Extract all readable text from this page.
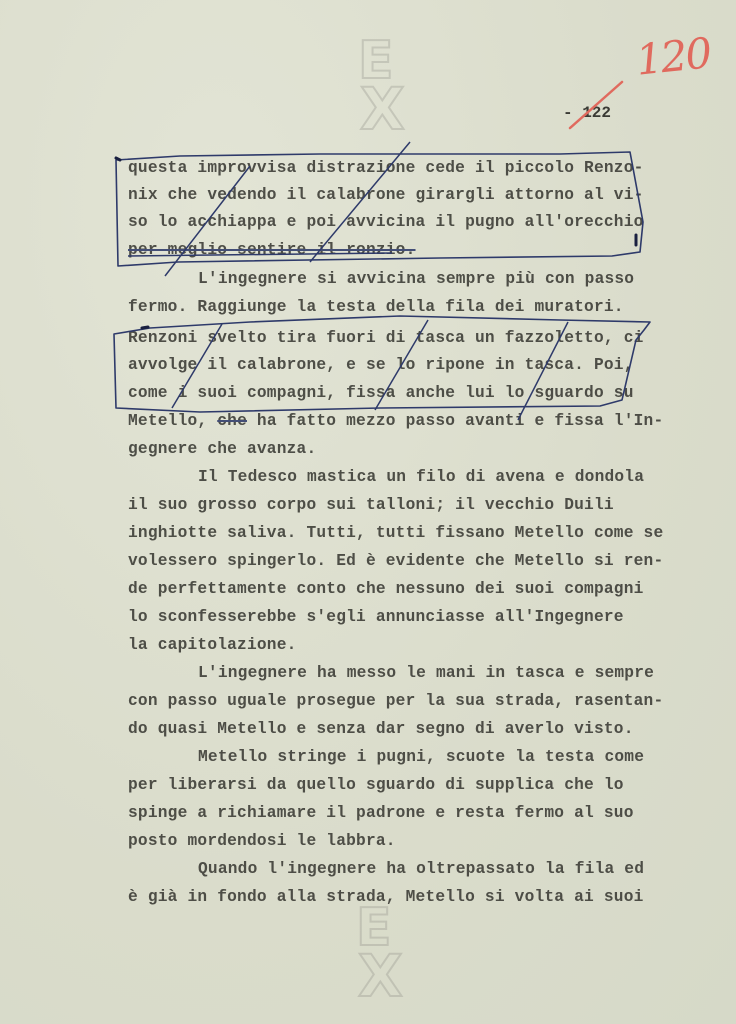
E
X
E
X
120
- 122
questa improvvisa distrazione cede il piccolo Renzo-
nix che vedendo il calabrone girargli attorno al vi-
so lo acchiappa e poi avvicina il pugno all'orecchio
per meglio sentire il ronzio.
L'ingegnere si avvicina sempre più con passo
fermo. Raggiunge la testa della fila dei muratori.
Renzoni svelto tira fuori di tasca un fazzoletto, ci
avvolge il calabrone, e se lo ripone in tasca. Poi,
come i suoi compagni, fissa anche lui lo sguardo su
Metello, che ha fatto mezzo passo avanti e fissa l'In-
gegnere che avanza.
Il Tedesco mastica un filo di avena e dondola
il suo grosso corpo sui talloni; il vecchio Duili
inghiotte saliva. Tutti, tutti fissano Metello come se
volessero spingerlo. Ed è evidente che Metello si ren-
de perfettamente conto che nessuno dei suoi compagni
lo sconfesserebbe s'egli annunciasse all'Ingegnere
la capitolazione.
L'ingegnere ha messo le mani in tasca e sempre
con passo uguale prosegue per la sua strada, rasentan-
do quasi Metello e senza dar segno di averlo visto.
Metello stringe i pugni, scuote la testa come
per liberarsi da quello sguardo di supplica che lo
spinge a richiamare il padrone e resta fermo al suo
posto mordendosi le labbra.
Quando l'ingegnere ha oltrepassato la fila ed
è già in fondo alla strada, Metello si volta ai suoi
